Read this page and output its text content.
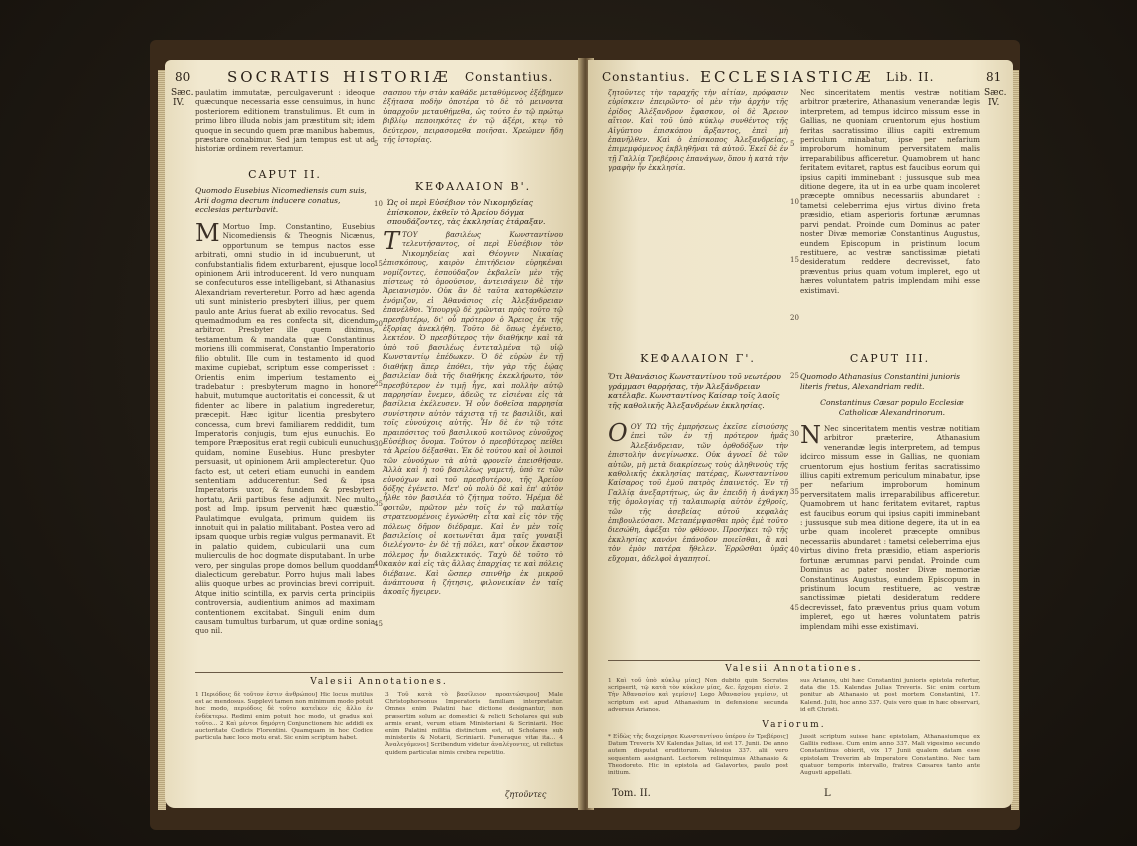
80 SOCRATIS HISTORIÆ Constantius.
Sæc.
IV.
paulatim immutatæ, perculgaverunt : ideoque quæcunque necessaria esse censuimus, in hunc posteriorem editionem transtulimus. Et cum in primo libro illuda nobis jam præstitum sit; idem quoque in secundo quem præ manibus habemus, præstare conabimur. Sed jam tempus est ut ad historiæ ordinem revertamur.
CAPUT II.
Quomodo Eusebius Nicomediensis cum suis, Arii dogma decrum inducere conatus, ecclesias perturbavit.
M Mortuo Imp. Constantino, Eusebius Nicomediensis & Theognis Nicænus, opportunum se tempus nactos esse arbitrati, omni studio in id incubuerunt, ut confubstantialis fidem exturbarent, ejusque loco opinionem Arii introducerent. Id vero nunquam se confecuturos esse intelligebant, si Athanasius Alexandriam reverteretur. Porro ad hæc agenda uti sunt ministerio presbyteri illius, per quem paulo ante Arius fuerat ab exilio revocatus. Sed quemadmodum ea res confecta sit, dicendum arbitror. Presbyter ille quem diximus, testamentum & mandata quæ Constantinus moriens illi commiserat, Constantio Imperatorio filio obtulit. Ille cum in testamento id quod maxime cupiebat, scriptum esse comperisset : Orientis enim imperium testamento ei tradebatur : presbyterum magno in honore habuit, mutumque auctoritatis ei concessit, & ut fidenter ac libere in palatium ingrederetur, præcepit. Hæc igitur licentia presbytero concessa, cum brevi familiarem reddidit, tum Imperatoris conjugis, tum ejus eunuchis. Eo tempore Præpositus erat regii cubiculi eunuchus quidam, nomine Eusebius. Hunc presbyter persuasit, ut opinionem Arii amplecteretur. Quo facto est, ut ceteri etiam eunuchi in eandem sententiam adducerentur. Sed & ipsa Imperatoris uxor, & fundem & presbyteri hortatu, Arii partibus fese adjunxit. Nec multo post ad Imp. ipsum pervenit hæc quæstio. Paulatimque evulgata, primum quidem iis innotuit qui in palatio militabant. Postea vero ad ipsam quoque urbis regiæ vulgus permanavit. Et in palatio quidem, cubicularii una cum mulierculis de hoc dogmate disputabant. In urbe vero, per singulas prope domos bellum quoddam dialecticum gerebatur. Porro hujus mali labes aliis quoque urbes ac provincias brevi corripuit. Atque initio scintilla, ex parvis certa principiis controversia, audientium animos ad maximam contentionem excitabat. Singuli enim dum causam tumultus turbarum, ut quæ ordine sonia quo nil.
σασπου τὴν στὰν καθάδε μεταθύμενος ἐξέβημεν ἐξήτασα ποδὴν ὁποτέρα τὸ δὲ τὸ μεινοντα ὑπαρχοῦν μεταυθήμεθα, ὡς τούτο ἐν τῷ πρώτῳ βιβλίῳ πεποιηκότες ἐν τῷ ἀξέρι, κτῳ τὸ δεύτερον, πειρασομεθα ποιῆσαι. Χρεώμεν ἤδη τῆς ἱστορίας.
ΚΕΦΑΛΑΙΟΝ Β'.
Ὡς οἱ περὶ Εὐσέβιον τὸν Νικομηδείας ἐπίσκοπον, ἐκθεῖν τὸ Ἀρείου δόγμα σπουδάζοντες, τὰς ἐκκλησίας ἐτάραξαν.
TΤΟΥ βασιλέως Κωνσταντίνου τελευτήσαντος, οἱ περὶ Εὐσέβιον τὸν Νικομηδείας καὶ Θέογνιν Νικαίας ἐπισκόπους, καιρὸν ἐπιτήδειον εὑρηκέναι νομίζοντες, ἐσπούδαζον ἐκβαλεῖν μὲν τῆς πίστεως τὸ ὁμοούσιον, ἀντεισάγειν δὲ τὴν Ἀρειανισμὸν. Οὐκ ἂν δὲ ταῦτα κατορθώσειν ἐνόμιζον, εἰ Ἀθανάσιος εἰς Ἀλεξάνδρειαν ἐπανέλθοι. Ὑπουργῷ δὲ χρῶνται πρὸς τοῦτο τῷ πρεσβυτέρῳ, δι' οὗ πρότερον ὁ Ἄρειος ἐκ τῆς ἐξορίας ἀνεκλήθη. Τοῦτο δὲ ὅπως ἐγένετο, λεκτέον. Ὁ πρεσβύτερος τὴν διαθήκην καὶ τὰ ὑπὸ τοῦ βασιλέως ἐντεταλμένα τῷ υἱῷ Κωνσταντίῳ ἐπέδωκεν. Ὁ δὲ εὑρὼν ἐν τῇ διαθήκῃ ἅπερ ἐπόθει, τὴν γὰρ τῆς ἑῴας βασιλείαν διὰ τῆς διαθήκης ἐκεκλήρωτο, τὸν πρεσβύτερον ἐν τιμῇ ἦγε, καὶ πολλὴν αὐτῷ παρρησίαν ἔνεμεν, ἀδεῶς τε εἰσιέναι εἰς τὰ βασίλεια ἐκέλευσεν. Ἡ οὖν δοθεῖσα παρρησία συνίστησιν αὐτὸν τάχιστα τῇ τε βασιλίδι, καὶ τοῖς εὐνούχοις αὐτῆς. Ἦν δὲ ἐν τῷ τότε πραιπόσιτος τοῦ βασιλικοῦ κοιτῶνος εὐνοῦχος Εὐσέβιος ὄνομα. Τοῦτον ὁ πρεσβύτερος πείθει τὰ Ἀρείου δέξασθαι. Ἐκ δὲ τούτου καὶ οἱ λοιποὶ τῶν εὐνούχων τὰ αὐτὰ φρονεῖν ἐπεισθήσαν. Ἀλλὰ καὶ ἡ τοῦ βασιλέως γαμετή, ὑπό τε τῶν εὐνούχων καὶ τοῦ πρεσβυτέρου, τῆς Ἀρείου δόξης ἐγένετο. Μετ' οὐ πολὺ δὲ καὶ ἐπ' αὐτὸν ἦλθε τὸν βασιλέα τὸ ζήτημα τοῦτο. Ἠρέμα δὲ φοιτῶν, πρῶτον μὲν τοῖς ἐν τῷ παλατίῳ στρατευομένοις ἐγνώσθη· εἶτα καὶ εἰς τὸν τῆς πόλεως δῆμον διέδραμε. Καὶ ἐν μὲν τοῖς βασιλείοις οἱ κοιτωνῖται ἅμα ταῖς γυναιξὶ διελέγοντο· ἐν δὲ τῇ πόλει, κατ' οἶκον ἕκαστον πόλεμος ἦν διαλεκτικός. Ταχὺ δὲ τοῦτο τὸ κακὸν καὶ εἰς τὰς ἄλλας ἐπαρχίας τε καὶ πόλεις διέβαινε. Καὶ ὥσπερ σπινθὴρ ἐκ μικροῦ ἀνάπτουσα ἡ ζήτησις, φιλονεικίαν ἐν ταῖς ἀκοαῖς ἤγειρεν.
5
10
15
20
25
30
35
40
45
Valesii Annotationes.
1 Περιόδοις δὲ τοῦτον ἐστιν ἀνθρώπου] Hic locus mutilus est ac mendosus. Supplevi tamen non minimum modo potuit hoc modo, περιόδοις δὲ τοῦτο κατεῖκεν εἰς ἄλλο ἐν ἐνδέκτερω. Redimi enim potuit hoc modo, ut gradus καὶ τοῦτο... 2 Καὶ μέντοι δημόρτη Conjunctionem hic addidi ex auctoritate Codicis Florentini. Quamquam in hoc Codice particula hæc loco motu erat. Sic enim scriptum habet.
3 Τοῦ κατὰ τὸ βασίλειον προαιτώσιμου] Male Christophorsonus Imperatoris familiam interpretatur. Omnes enim Palatini hac dictione designantur, non præsertim solum ac domestici & relicti Scholares qui sub armis erant, verum etiam Ministeriani & Scriniarii. Hoc enim Palatini militia distinctum est, ut Scholares sub ministeriis & Notarii, Scriniarii. Funeraque vitæ ita... 4 Ἀναλεγόμενοι] Scribendum videtur ἀναλέγοντες, ut relictus quidem particulæ nimis crebra repetitio.
ζητοῦντες
Constantius. ECCLESIASTICÆ Lib. II.	81
Sæc.
IV.
ζητοῦντες τὴν ταραχῆς τὴν αἰτίαν, πρόφασιν εὑρίσκειν ἐπειρῶντο· οἱ μὲν τὴν ἀρχὴν τῆς ἐρίδος Ἀλέξανδρον ἔφασκον, οἱ δὲ Ἄρειον αἴτιον. Καὶ τοῦ ὑπὸ κύκλῳ συνθέντος τῆς Αἰγύπτου ἐπισκόπου ἄρξαντος, ἐπεὶ μὴ ἐπανῆλθεν. Καὶ ὁ ἐπίσκοπος Ἀλεξανδρείας, ἐπιμεμφόμενος ἐκβληθῆναι τὰ αὐτοῦ. Ἐκεῖ δὲ ἐν τῇ Γαλλίᾳ Τρεβέροις ἐπανάγων, ὅπου ἡ κατὰ τὴν γραφὴν ἦν ἐκκλησία.
ΚΕΦΑΛΑΙΟΝ Γ'.
Ὅτι Ἀθανάσιος Κωνσταντίνου τοῦ νεωτέρου γράμμασι θαρρήσας, τὴν Ἀλεξάνδρειαν κατέλαβε. Κωνσταντίνος Καίσαρ τοῖς λαοῖς τῆς καθολικῆς Ἀλεξανδρέων ἐκκλησίας.
OΟΥ ΤΩ τῆς ἐμπρήσεως ἐκεῖσε εἰσιούσης ἐπεὶ τῶν ἐν τῇ πρότερον ἡμᾶς Ἀλεξάνδρειαν, τῶν ὀρθοδόξων τὴν ἐπιστολὴν ἀνεγίνωσκε. Οὐκ ἀγνοεῖ δὲ τῶν αὐτῶν, μὴ μετὰ διακρίσεως τοὺς ἀληθινοὺς τῆς καθολικῆς ἐκκλησίας πατέρας, Κωνσταντίνου Καίσαρος τοῦ ἐμοῦ πατρὸς ἐπαινετός. Ἐν τῇ Γαλλίᾳ ἀνεξαρτήτως, ὡς ἂν ἐπειδὴ ἡ ἀνάγκη τῆς ὁμολογίας τῇ ταλαιπωρίᾳ αὐτὸν ἐχθροῖς, τῶν τῆς ἀσεβείας αὐτοῦ κεφαλὰς ἐπιβουλεύσασι. Μεταπέμψασθαι πρὸς ἐμὲ τοῦτο διεσώθη, ἀφέξαι τὸν φθόνον. Προσήκει τῷ τῆς ἐκκλησίας κανόνι ἐπάνοδον ποιεῖσθαι, ἃ καὶ τὸν ἐμὸν πατέρα ἤθελεν. Ἐρρῶσθαι ὑμᾶς εὔχομαι, ἀδελφοὶ ἀγαπητοί.
Nec sinceritatem mentis vestræ notitiam arbitror præterire, Athanasium venerandæ legis interpretem, ad tempus idcirco missum esse in Gallias, ne quoniam cruentorum ejus hostium feritas sacratissimo illius capiti extremum periculum minabatur, ipse per nefarium improborum hominum perversitatem malis irreparabilibus afficeretur. Quamobrem ut hanc feritatem evitaret, raptus est faucibus eorum qui ipsius capiti imminebant : jussusque sub mea ditione degere, ita ut in ea urbe quam incoleret præcepte omnibus necessariis abundaret : tametsi celeberrima ejus virtus divino freta præsidio, etiam asperioris fortunæ ærumnas parvi pendat. Proinde cum Dominus ac pater noster Divæ memoriæ Constantinus Augustus, eundem Episcopum in pristinum locum restituere, ac vestræ sanctissimæ pietati desideratum reddere decrevisset, fato præventus prius quam votum impleret, ego ut hæres voluntatem patris implendam mihi esse existimavi.
CAPUT III.
Quomodo Athanasius Constantini junioris literis fretus, Alexandriam redit.
Constantinus Cæsar populo Ecclesiæ Catholicæ Alexandrinorum.
N Nec sinceritatem mentis vestræ notitiam arbitror præterire, Athanasium venerandæ legis interpretem, ad tempus idcirco missum esse in Gallias, ne quoniam cruentorum ejus hostium feritas sacratissimo illius capiti extremum periculum minabatur, ipse per nefarium improborum hominum perversitatem malis irreparabilibus afficeretur. Quamobrem ut hanc feritatem evitaret, raptus est faucibus eorum qui ipsius capiti imminebant : jussusque sub mea ditione degere, ita ut in ea urbe quam incoleret præcepte omnibus necessariis abundaret : tametsi celeberrima ejus virtus divino freta præsidio, etiam asperioris fortunæ ærumnas parvi pendat. Proinde cum Dominus ac pater noster Divæ memoriæ Constantinus Augustus, eundem Episcopum in pristinum locum restituere, ac vestræ sanctissimæ pietati desideratum reddere decrevisset, fato præventus prius quam votum impleret, ego ut hæres voluntatem patris implendam mihi esse existimavi.
5
10
15
20
25
30
35
40
45
Valesii Annotationes.
1 Καὶ τοῦ ὑπὸ κύκλῳ μίας] Non dubito quin Socrates scripserit, τῷ κατὰ τὸν κύκλον μίας, &c. ἔρχομαι εἰσὶν. 2 Τὴν Ἀθανασίου καὶ γεμίσιν] Lego Ἀθανασίου γεμίσιν, ut scriptum est apud Athanasium in defensione secunda adversus Arianos.
sus Arianos, ubi hæc Constantini junioris epistola refertur, data die 15. Kalendas Julias Treveris. Sic enim certum ponitur ab Athanasio ut post mortem Constantini, 17. Kalend. Julii, hoc anno 337. Quis vero quæ in hæc observari, id eft Christi.
Variorum.
* Εἰδὼς τῆς διαχείρησε Κωνσταντίνου ὑπέρου ἐν Τρεβέροις] Datum Treveris XV Kalendas Julias, id est 17. Junii. De anno autem disputat eruditorum. Valesius 337. alii vero sequentem assignant. Lectorem relinquimus Athanasio & Theodoreto. Hic in epistola ad Galavortes, paulo post initium.
Jussit scriptum suisse hanc epistolam, Athanasiumque ex Galliis redisse. Cum enim anno 337. Mali vigesimo secundo Constantinus obierit, vix 17 Junii qualem datam esse epistolam Treverim ab Imperatore Constantino. Nec tam quatuor temporis intervallo, fratres Cæsares tanto ante Augusti appellati.
Tom. II.	L
